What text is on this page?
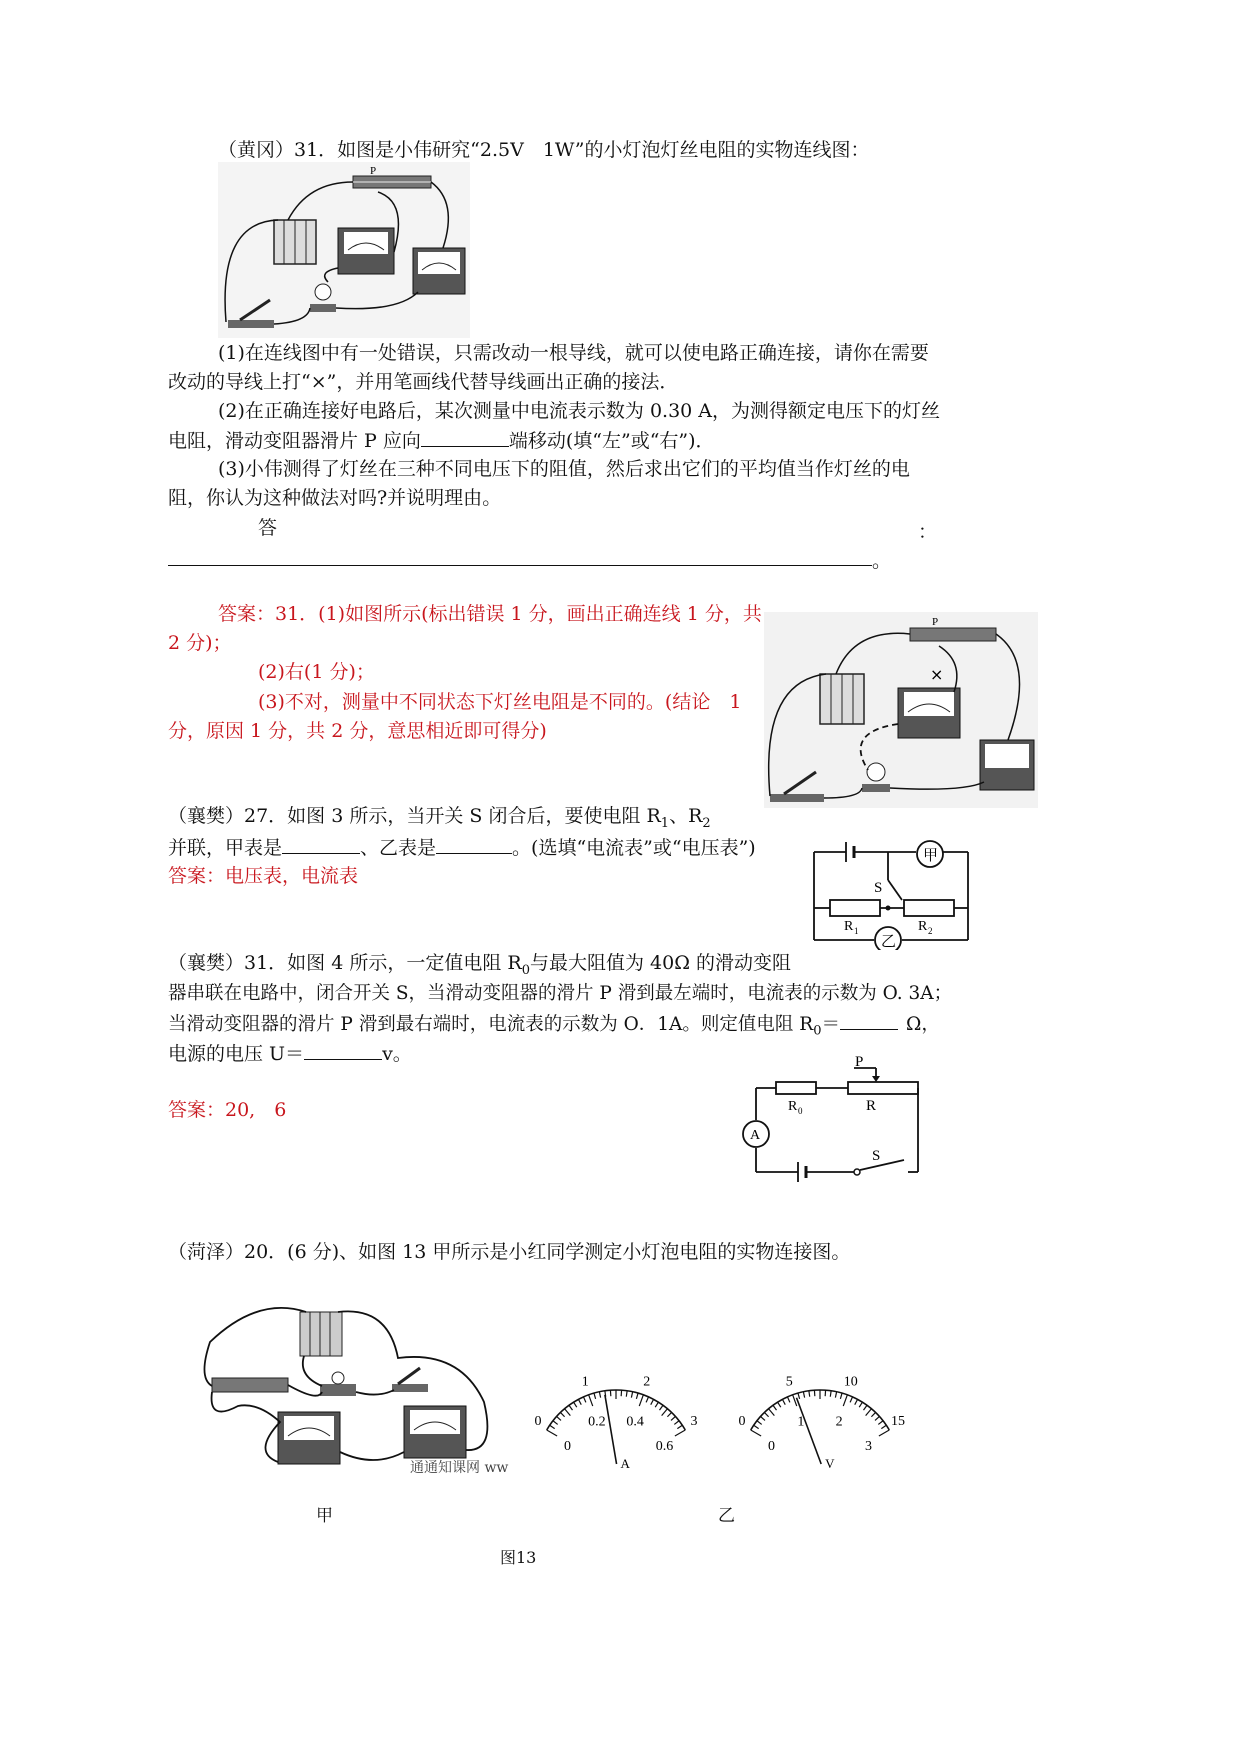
（黄冈）31．如图是小伟研究“2.5V　1W”的小灯泡灯丝电阻的实物连线图：
P
(1)在连线图中有一处错误，只需改动一根导线，就可以使电路正确连接，请你在需要
改动的导线上打“×”，并用笔画线代替导线画出正确的接法．
(2)在正确连接好电路后，某次测量中电流表示数为 0.30 A，为测得额定电压下的灯丝
电阻，滑动变阻器滑片 P 应向	端移动(填“左”或“右”)．
(3)小伟测得了灯丝在三种不同电压下的阻值，然后求出它们的平均值当作灯丝的电
阻，你认为这种做法对吗?并说明理由。
答	：
。
答案：31．(1)如图所示(标出错误 1 分，画出正确连线 1 分，共
2 分)；
(2)右(1 分)；
(3)不对，测量中不同状态下灯丝电阻是不同的。(结论　1
分，原因 1 分，共 2 分，意思相近即可得分)
P
×
（襄樊）27．如图 3 所示，当开关 S 闭合后，要使电阻 $R_1$、$R_2$
并联，甲表是	、乙表是	。(选填“电流表”或“电压表”)
答案：电压表，电流表
甲
乙
S
R 1	R 2
（襄樊）31．如图 4 所示，一定值电阻 $R_0$与最大阻值为 40Ω 的滑动变阻
器串联在电路中，闭合开关 S，当滑动变阻器的滑片 P 滑到最左端时，电流表的示数为 O. 3A；
当滑动变阻器的滑片 P 滑到最右端时，电流表的示数为 O．1A。则定值电阻 $R_0=$	Ω，
电源的电压 U＝	v。
答案：20,　6
P
R 0	R
A
S
（菏泽）20．(6 分)、如图 13 甲所示是小红同学测定小灯泡电阻的实物连接图。
0
1	2
3
0
0.2 0.4
0.6
A
0
5	10
15
0
1 2
3
V
通通知课网 ww
甲	乙
图13
